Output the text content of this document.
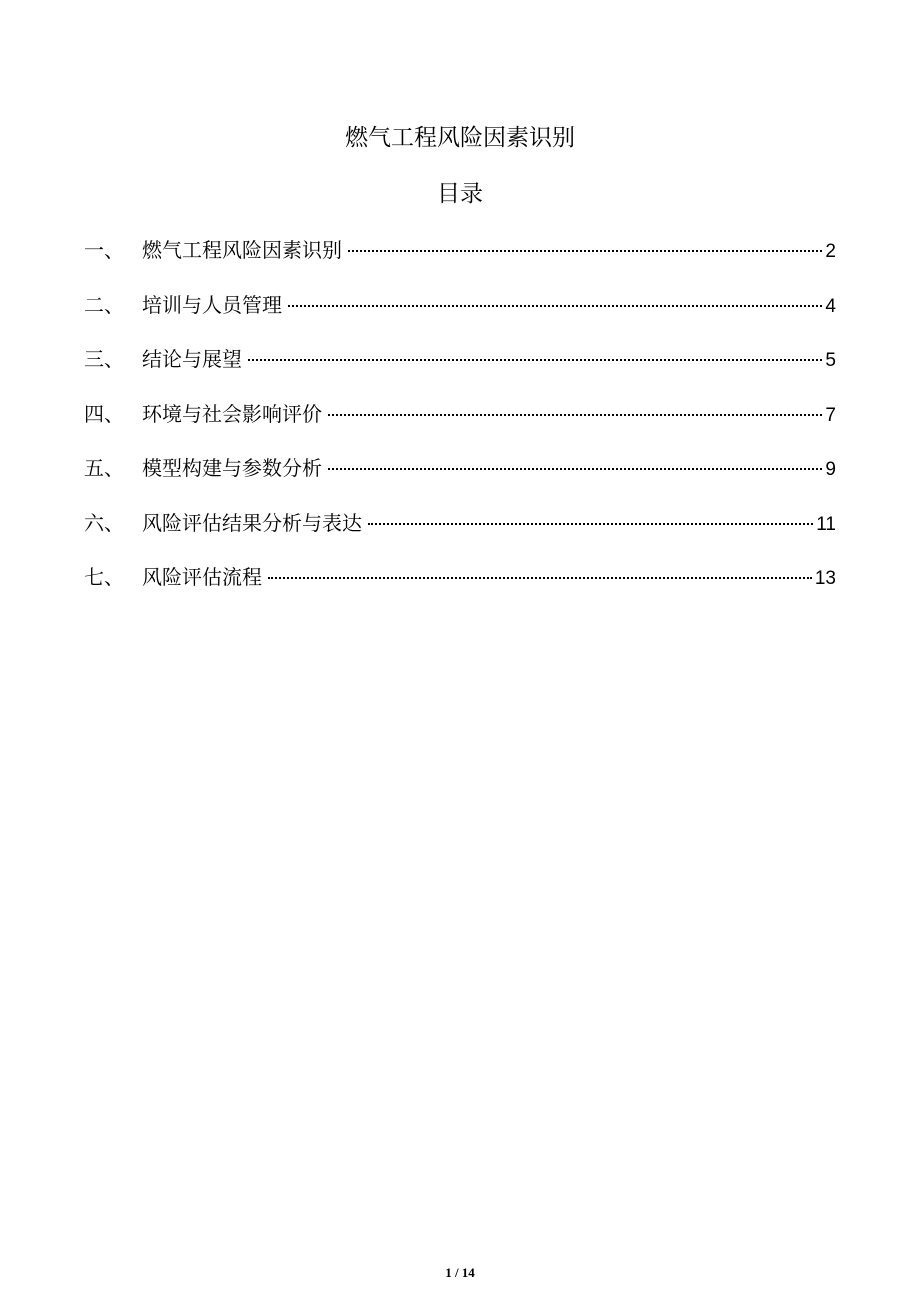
燃气工程风险因素识别
目录
一、 燃气工程风险因素识别	2
二、 培训与人员管理	4
三、 结论与展望	5
四、 环境与社会影响评价	7
五、 模型构建与参数分析	9
六、 风险评估结果分析与表达	11
七、 风险评估流程	13
1 / 14
